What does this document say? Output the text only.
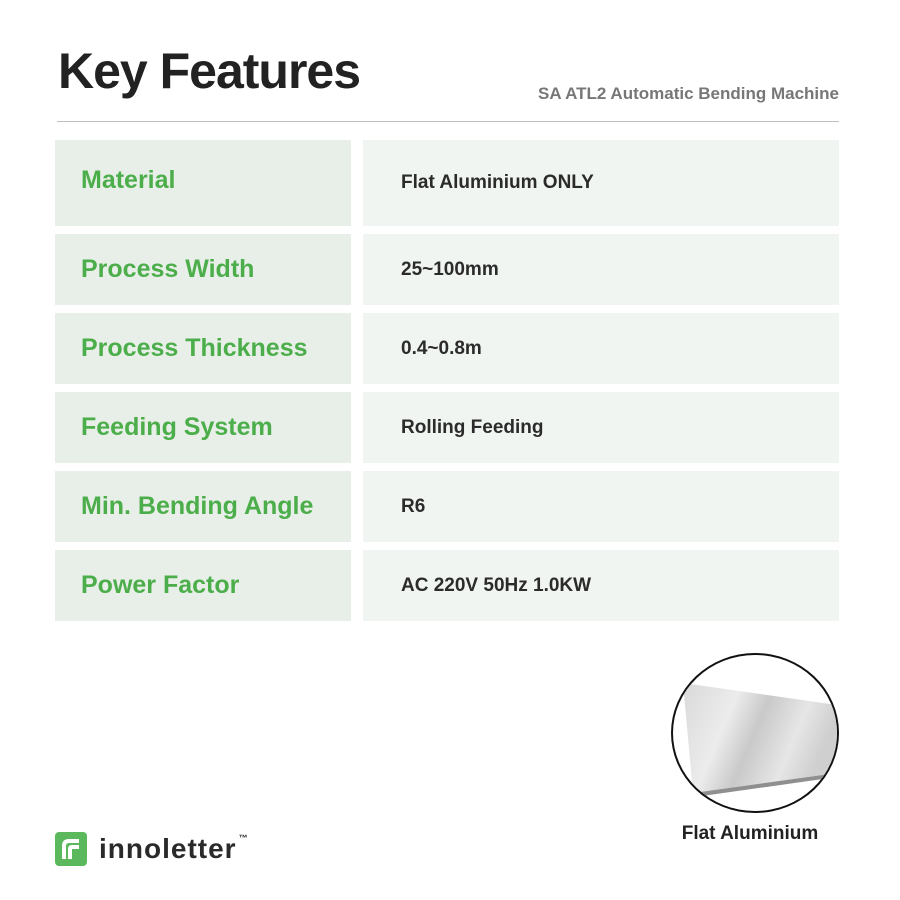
Key Features	SA ATL2 Automatic Bending Machine
Material	Flat Aluminium ONLY
Process Width	25~100mm
Process Thickness	0.4~0.8m
Feeding System	Rolling Feeding
Min. Bending Angle	R6
Power Factor	AC 220V 50Hz 1.0KW
Flat Aluminium
innoletter ™
